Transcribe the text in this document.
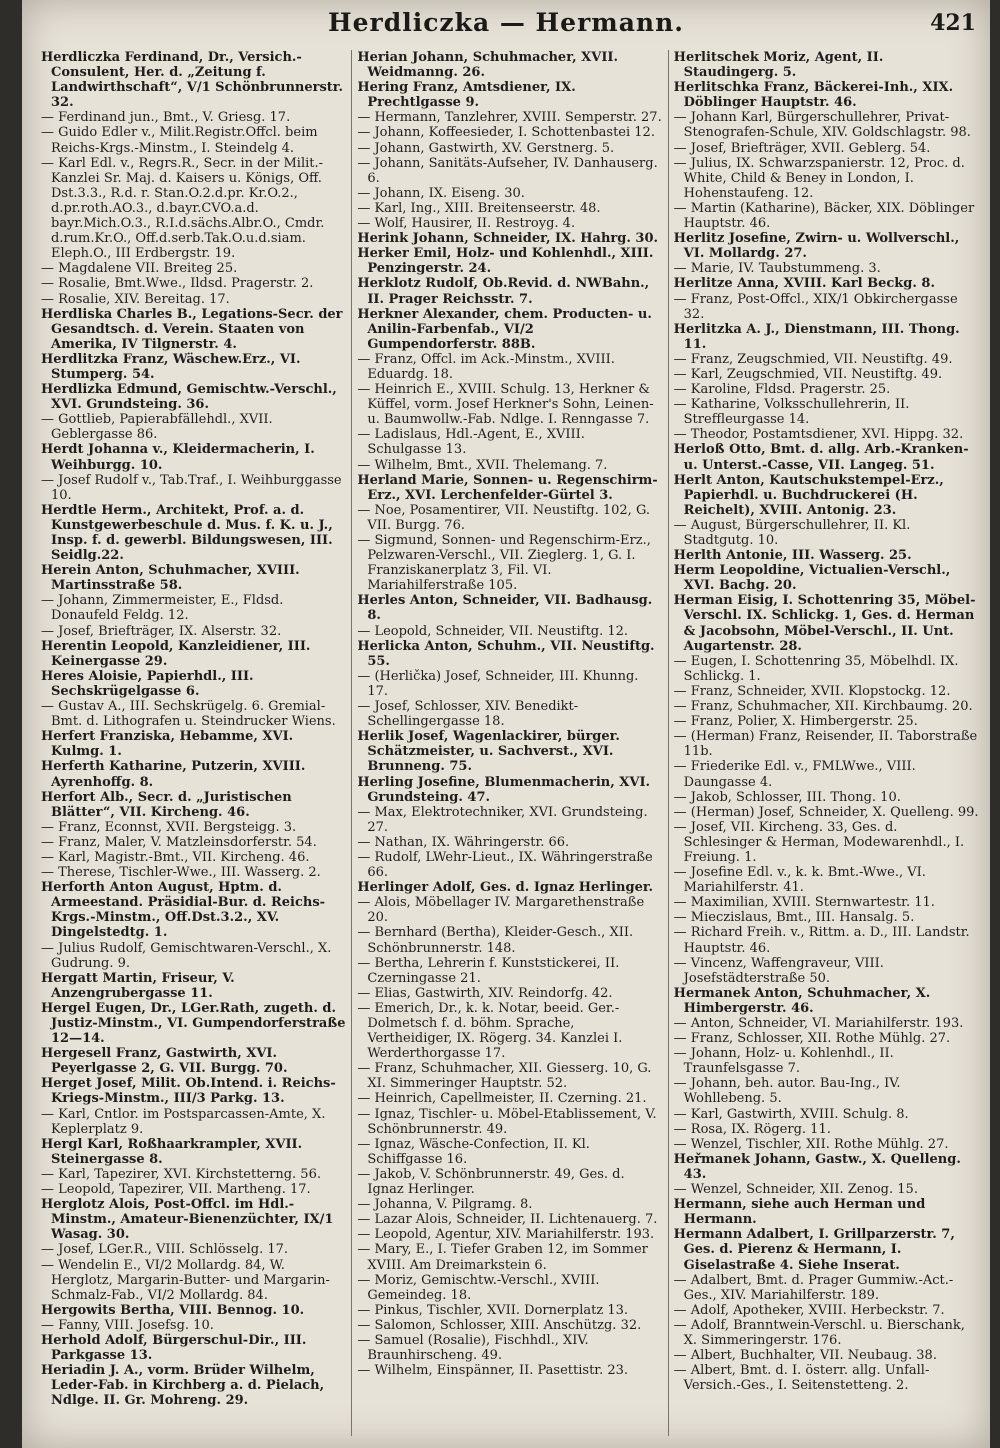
Herdliczka — Hermann.	421

Herdliczka Ferdinand, Dr., Versich.-Consulent, Her. d. „Zeitung f. Landwirthschaft“, V/1 Schönbrunnerstr. 32.

— Ferdinand jun., Bmt., V. Griesg. 17.

— Guido Edler v., Milit.Registr.Offcl. beim Reichs-Krgs.-Minstm., I. Steindelg 4.

— Karl Edl. v., Regrs.R., Secr. in der Milit.-Kanzlei Sr. Maj. d. Kaisers u. Königs, Off. Dst.3.3., R.d. r. Stan.O.2.d.pr. Kr.O.2., d.pr.roth.AO.3., d.bayr.CVO.a.d. bayr.Mich.O.3., R.I.d.sächs.Albr.O., Cmdr. d.rum.Kr.O., Off.d.serb.Tak.O.u.d.siam. Eleph.O., III Erdbergstr. 19.

— Magdalene VII. Breiteg 25.

— Rosalie, Bmt.Wwe., Ildsd. Pragerstr. 2.

— Rosalie, XIV. Bereitag. 17.

Herdliska Charles B., Legations-Secr. der Gesandtsch. d. Verein. Staaten von Amerika, IV Tilgnerstr. 4.

Herdlitzka Franz, Wäschew.Erz., VI. Stumperg. 54.

Herdlizka Edmund, Gemischtw.-Verschl., XVI. Grundsteing. 36.

— Gottlieb, Papierabfällehdl., XVII. Geblergasse 86.

Herdt Johanna v., Kleidermacherin, I. Weihburgg. 10.

— Josef Rudolf v., Tab.Traf., I. Weihburggasse 10.

Herdtle Herm., Architekt, Prof. a. d. Kunstgewerbeschule d. Mus. f. K. u. J., Insp. f. d. gewerbl. Bildungswesen, III. Seidlg.22.

Herein Anton, Schuhmacher, XVIII. Martinsstraße 58.

— Johann, Zimmermeister, E., Fldsd. Donaufeld Feldg. 12.

— Josef, Briefträger, IX. Alserstr. 32.

Herentin Leopold, Kanzleidiener, III. Keinergasse 29.

Heres Aloisie, Papierhdl., III. Sechskrügelgasse 6.

— Gustav A., III. Sechskrügelg. 6. Gremial-Bmt. d. Lithografen u. Steindrucker Wiens.

Herfert Franziska, Hebamme, XVI. Kulmg. 1.

Herferth Katharine, Putzerin, XVIII. Ayrenhoffg. 8.

Herfort Alb., Secr. d. „Juristischen Blätter“, VII. Kircheng. 46.

— Franz, Econnst, XVII. Bergsteigg. 3.

— Franz, Maler, V. Matzleinsdorferstr. 54.

— Karl, Magistr.-Bmt., VII. Kircheng. 46.

— Therese, Tischler-Wwe., III. Wasserg. 2.

Herforth Anton August, Hptm. d. Armeestand. Präsidial-Bur. d. Reichs-Krgs.-Minstm., Off.Dst.3.2., XV. Dingelstedtg. 1.

— Julius Rudolf, Gemischtwaren-Verschl., X. Gudrung. 9.

Hergatt Martin, Friseur, V. Anzengrubergasse 11.

Hergel Eugen, Dr., LGer.Rath, zugeth. d. Justiz-Minstm., VI. Gumpendorferstraße 12—14.

Hergesell Franz, Gastwirth, XVI. Peyerlgasse 2, G. VII. Burgg. 70.

Herget Josef, Milit. Ob.Intend. i. Reichs-Kriegs-Minstm., III/3 Parkg. 13.

— Karl, Cntlor. im Postsparcassen-Amte, X. Keplerplatz 9.

Hergl Karl, Roßhaarkrampler, XVII. Steinergasse 8.

— Karl, Tapezirer, XVI. Kirchstetterng. 56.

— Leopold, Tapezirer, VII. Martheng. 17.

Herglotz Alois, Post-Offcl. im Hdl.-Minstm., Amateur-Bienenzüchter, IX/1 Wasag. 30.

— Josef, LGer.R., VIII. Schlösselg. 17.

— Wendelin E., VI/2 Mollardg. 84, W. Herglotz, Margarin-Butter- und Margarin-Schmalz-Fab., VI/2 Mollardg. 84.

Hergowits Bertha, VIII. Bennog. 10.

— Fanny, VIII. Josefsg. 10.

Herhold Adolf, Bürgerschul-Dir., III. Parkgasse 13.

Heriadin J. A., vorm. Brüder Wilhelm, Leder-Fab. in Kirchberg a. d. Pielach, Ndlge. II. Gr. Mohreng. 29.

Herian Johann, Schuhmacher, XVII. Weidmanng. 26.

Hering Franz, Amtsdiener, IX. Prechtlgasse 9.

— Hermann, Tanzlehrer, XVIII. Semperstr. 27.

— Johann, Koffeesieder, I. Schottenbastei 12.

— Johann, Gastwirth, XV. Gerstnerg. 5.

— Johann, Sanitäts-Aufseher, IV. Danhauserg. 6.

— Johann, IX. Eiseng. 30.

— Karl, Ing., XIII. Breitenseerstr. 48.

— Wolf, Hausirer, II. Restroyg. 4.

Herink Johann, Schneider, IX. Hahrg. 30.

Herker Emil, Holz- und Kohlenhdl., XIII. Penzingerstr. 24.

Herklotz Rudolf, Ob.Revid. d. NWBahn., II. Prager Reichsstr. 7.

Herkner Alexander, chem. Producten- u. Anilin-Farbenfab., VI/2 Gumpendorferstr. 88B.

— Franz, Offcl. im Ack.-Minstm., XVIII. Eduardg. 18.

— Heinrich E., XVIII. Schulg. 13, Herkner & Küffel, vorm. Josef Herkner's Sohn, Leinen- u. Baumwollw.-Fab. Ndlge. I. Renngasse 7.

— Ladislaus, Hdl.-Agent, E., XVIII. Schulgasse 13.

— Wilhelm, Bmt., XVII. Thelemang. 7.

Herland Marie, Sonnen- u. Regenschirm-Erz., XVI. Lerchenfelder-Gürtel 3.

— Noe, Posamentirer, VII. Neustiftg. 102, G. VII. Burgg. 76.

— Sigmund, Sonnen- und Regenschirm-Erz., Pelzwaren-Verschl., VII. Zieglerg. 1, G. I. Franziskanerplatz 3, Fil. VI. Mariahilferstraße 105.

Herles Anton, Schneider, VII. Badhausg. 8.

— Leopold, Schneider, VII. Neustiftg. 12.

Herlicka Anton, Schuhm., VII. Neustiftg. 55.

— (Herlička) Josef, Schneider, III. Khunng. 17.

— Josef, Schlosser, XIV. Benedikt-Schellingergasse 18.

Herlik Josef, Wagenlackirer, bürger. Schätzmeister, u. Sachverst., XVI. Brunneng. 75.

Herling Josefine, Blumenmacherin, XVI. Grundsteing. 47.

— Max, Elektrotechniker, XVI. Grundsteing. 27.

— Nathan, IX. Währingerstr. 66.

— Rudolf, LWehr-Lieut., IX. Währingerstraße 66.

Herlinger Adolf, Ges. d. Ignaz Herlinger.

— Alois, Möbellager IV. Margarethenstraße 20.

— Bernhard (Bertha), Kleider-Gesch., XII. Schönbrunnerstr. 148.

— Bertha, Lehrerin f. Kunststickerei, II. Czerningasse 21.

— Elias, Gastwirth, XIV. Reindorfg. 42.

— Emerich, Dr., k. k. Notar, beeid. Ger.-Dolmetsch f. d. böhm. Sprache, Vertheidiger, IX. Rögerg. 34. Kanzlei I. Werderthorgasse 17.

— Franz, Schuhmacher, XII. Giesserg. 10, G. XI. Simmeringer Hauptstr. 52.

— Heinrich, Capellmeister, II. Czerning. 21.

— Ignaz, Tischler- u. Möbel-Etablissement, V. Schönbrunnerstr. 49.

— Ignaz, Wäsche-Confection, II. Kl. Schiffgasse 16.

— Jakob, V. Schönbrunnerstr. 49, Ges. d. Ignaz Herlinger.

— Johanna, V. Pilgramg. 8.

— Lazar Alois, Schneider, II. Lichtenauerg. 7.

— Leopold, Agentur, XIV. Mariahilferstr. 193.

— Mary, E., I. Tiefer Graben 12, im Sommer XVIII. Am Dreimarkstein 6.

— Moriz, Gemischtw.-Verschl., XVIII. Gemeindeg. 18.

— Pinkus, Tischler, XVII. Dornerplatz 13.

— Salomon, Schlosser, XIII. Anschützg. 32.

— Samuel (Rosalie), Fischhdl., XIV. Braunhirscheng. 49.

— Wilhelm, Einspänner, II. Pasettistr. 23.

Herlitschek Moriz, Agent, II. Staudingerg. 5.

Herlitschka Franz, Bäckerei-Inh., XIX. Döblinger Hauptstr. 46.

— Johann Karl, Bürgerschullehrer, Privat-Stenografen-Schule, XIV. Goldschlagstr. 98.

— Josef, Briefträger, XVII. Geblerg. 54.

— Julius, IX. Schwarzspanierstr. 12, Proc. d. White, Child & Beney in London, I. Hohenstaufeng. 12.

— Martin (Katharine), Bäcker, XIX. Döblinger Hauptstr. 46.

Herlitz Josefine, Zwirn- u. Wollverschl., VI. Mollardg. 27.

— Marie, IV. Taubstummeng. 3.

Herlitze Anna, XVIII. Karl Beckg. 8.

— Franz, Post-Offcl., XIX/1 Obkirchergasse 32.

Herlitzka A. J., Dienstmann, III. Thong. 11.

— Franz, Zeugschmied, VII. Neustiftg. 49.

— Karl, Zeugschmied, VII. Neustiftg. 49.

— Karoline, Fldsd. Pragerstr. 25.

— Katharine, Volksschullehrerin, II. Streffleurgasse 14.

— Theodor, Postamtsdiener, XVI. Hippg. 32.

Herloß Otto, Bmt. d. allg. Arb.-Kranken- u. Unterst.-Casse, VII. Langeg. 51.

Herlt Anton, Kautschukstempel-Erz., Papierhdl. u. Buchdruckerei (H. Reichelt), XVIII. Antonig. 23.

— August, Bürgerschullehrer, II. Kl. Stadtgutg. 10.

Herlth Antonie, III. Wasserg. 25.

Herm Leopoldine, Victualien-Verschl., XVI. Bachg. 20.

Herman Eisig, I. Schottenring 35, Möbel-Verschl. IX. Schlickg. 1, Ges. d. Herman & Jacobsohn, Möbel-Verschl., II. Unt. Augartenstr. 28.

— Eugen, I. Schottenring 35, Möbelhdl. IX. Schlickg. 1.

— Franz, Schneider, XVII. Klopstockg. 12.

— Franz, Schuhmacher, XII. Kirchbaumg. 20.

— Franz, Polier, X. Himbergerstr. 25.

— (Herman) Franz, Reisender, II. Taborstraße 11b.

— Friederike Edl. v., FMLWwe., VIII. Daungasse 4.

— Jakob, Schlosser, III. Thong. 10.

— (Herman) Josef, Schneider, X. Quelleng. 99.

— Josef, VII. Kircheng. 33, Ges. d. Schlesinger & Herman, Modewarenhdl., I. Freiung. 1.

— Josefine Edl. v., k. k. Bmt.-Wwe., VI. Mariahilferstr. 41.

— Maximilian, XVIII. Sternwartestr. 11.

— Mieczislaus, Bmt., III. Hansalg. 5.

— Richard Freih. v., Rittm. a. D., III. Landstr. Hauptstr. 46.

— Vincenz, Waffengraveur, VIII. Josefstädterstraße 50.

Hermanek Anton, Schuhmacher, X. Himbergerstr. 46.

— Anton, Schneider, VI. Mariahilferstr. 193.

— Franz, Schlosser, XII. Rothe Mühlg. 27.

— Johann, Holz- u. Kohlenhdl., II. Traunfelsgasse 7.

— Johann, beh. autor. Bau-Ing., IV. Wohllebeng. 5.

— Karl, Gastwirth, XVIII. Schulg. 8.

— Rosa, IX. Rögerg. 11.

— Wenzel, Tischler, XII. Rothe Mühlg. 27.

Heřmanek Johann, Gastw., X. Quelleng. 43.

— Wenzel, Schneider, XII. Zenog. 15.

Hermann, siehe auch Herman und Hermann.

Hermann Adalbert, I. Grillparzerstr. 7, Ges. d. Pierenz & Hermann, I. Giselastraße 4. Siehe Inserat.

— Adalbert, Bmt. d. Prager Gummiw.-Act.-Ges., XIV. Mariahilferstr. 189.

— Adolf, Apotheker, XVIII. Herbeckstr. 7.

— Adolf, Branntwein-Verschl. u. Bierschank, X. Simmeringerstr. 176.

— Albert, Buchhalter, VII. Neubaug. 38.

— Albert, Bmt. d. I. österr. allg. Unfall-Versich.-Ges., I. Seitenstetteng. 2.
